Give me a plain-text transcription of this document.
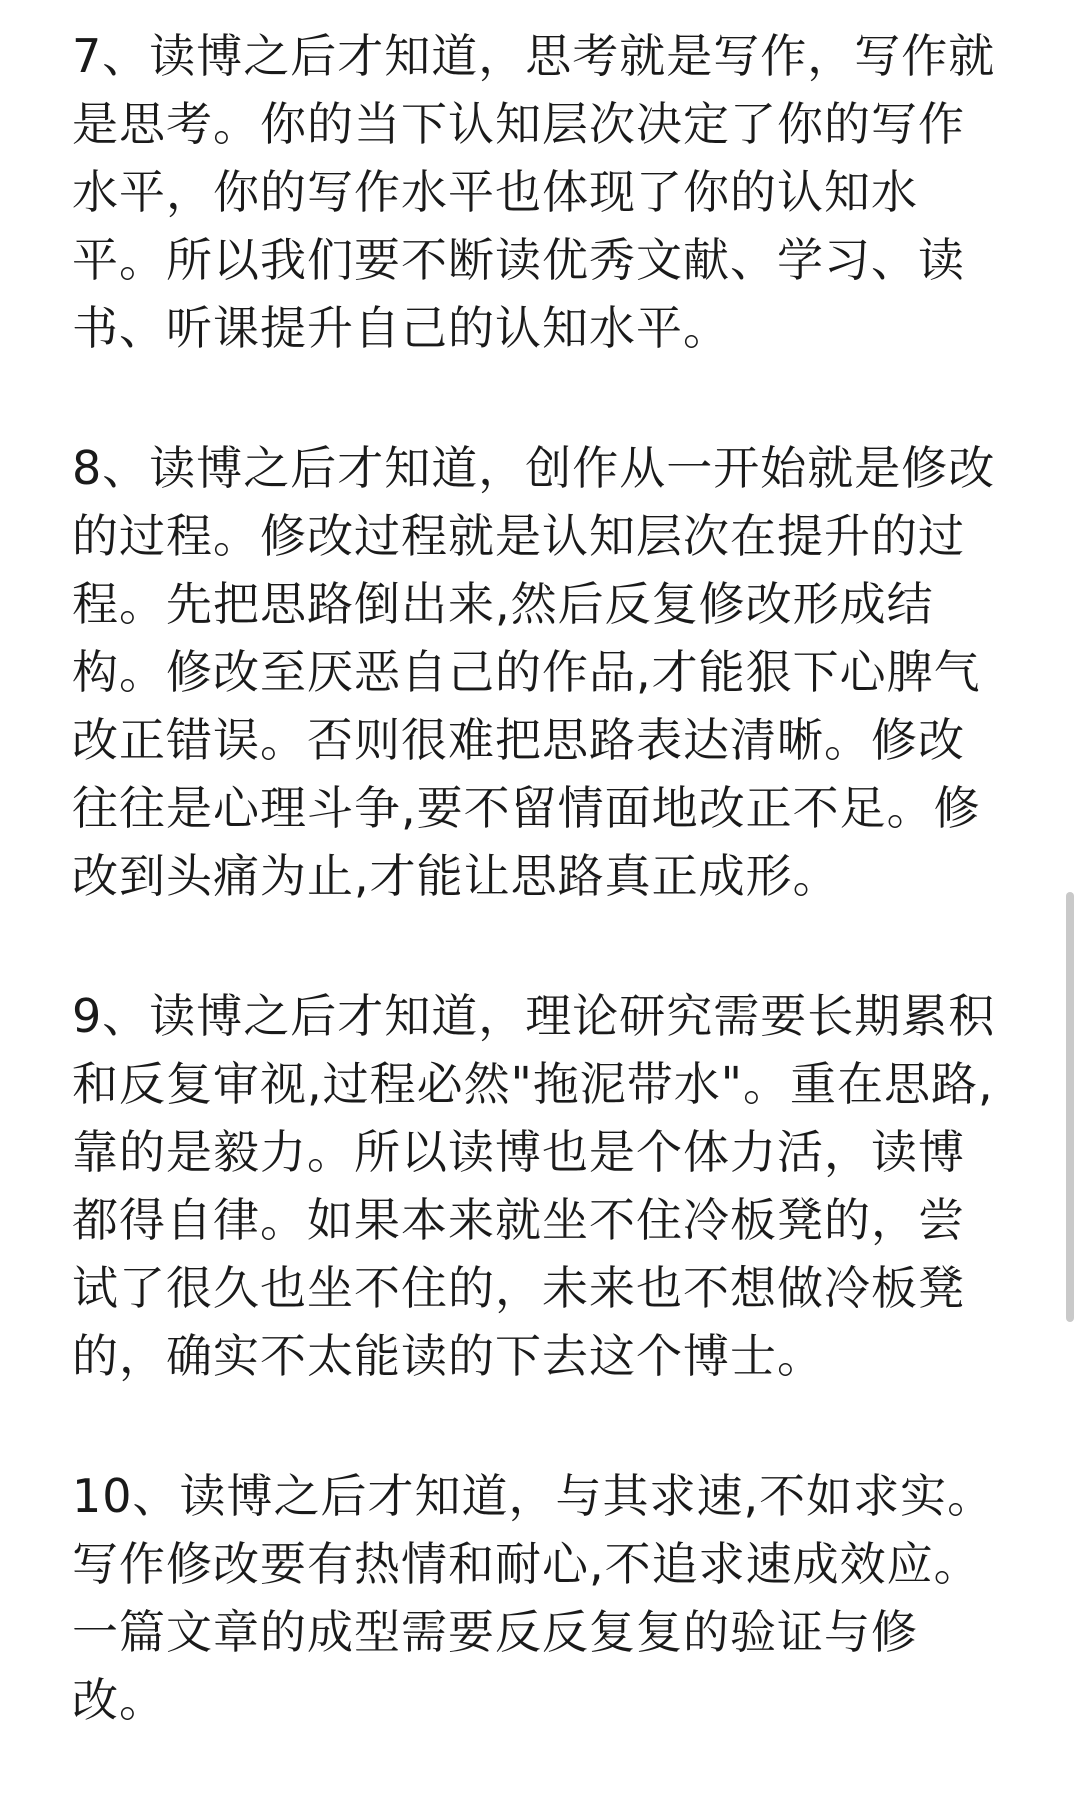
7、读博之后才知道，思考就是写作，写作就
是思考。你的当下认知层次决定了你的写作
水平，你的写作水平也体现了你的认知水
平。所以我们要不断读优秀文献、学习、读
书、听课提升自己的认知水平。
8、读博之后才知道，创作从一开始就是修改
的过程。修改过程就是认知层次在提升的过
程。先把思路倒出来,然后反复修改形成结
构。修改至厌恶自己的作品,才能狠下心脾气
改正错误。否则很难把思路表达清晰。修改
往往是心理斗争,要不留情面地改正不足。修
改到头痛为止,才能让思路真正成形。
9、读博之后才知道，理论研究需要长期累积
和反复审视,过程必然"拖泥带水"。重在思路,
靠的是毅力。所以读博也是个体力活，读博
都得自律。如果本来就坐不住冷板凳的，尝
试了很久也坐不住的，未来也不想做冷板凳
的，确实不太能读的下去这个博士。
10、读博之后才知道，与其求速,不如求实。
写作修改要有热情和耐心,不追求速成效应。
一篇文章的成型需要反反复复的验证与修
改。
